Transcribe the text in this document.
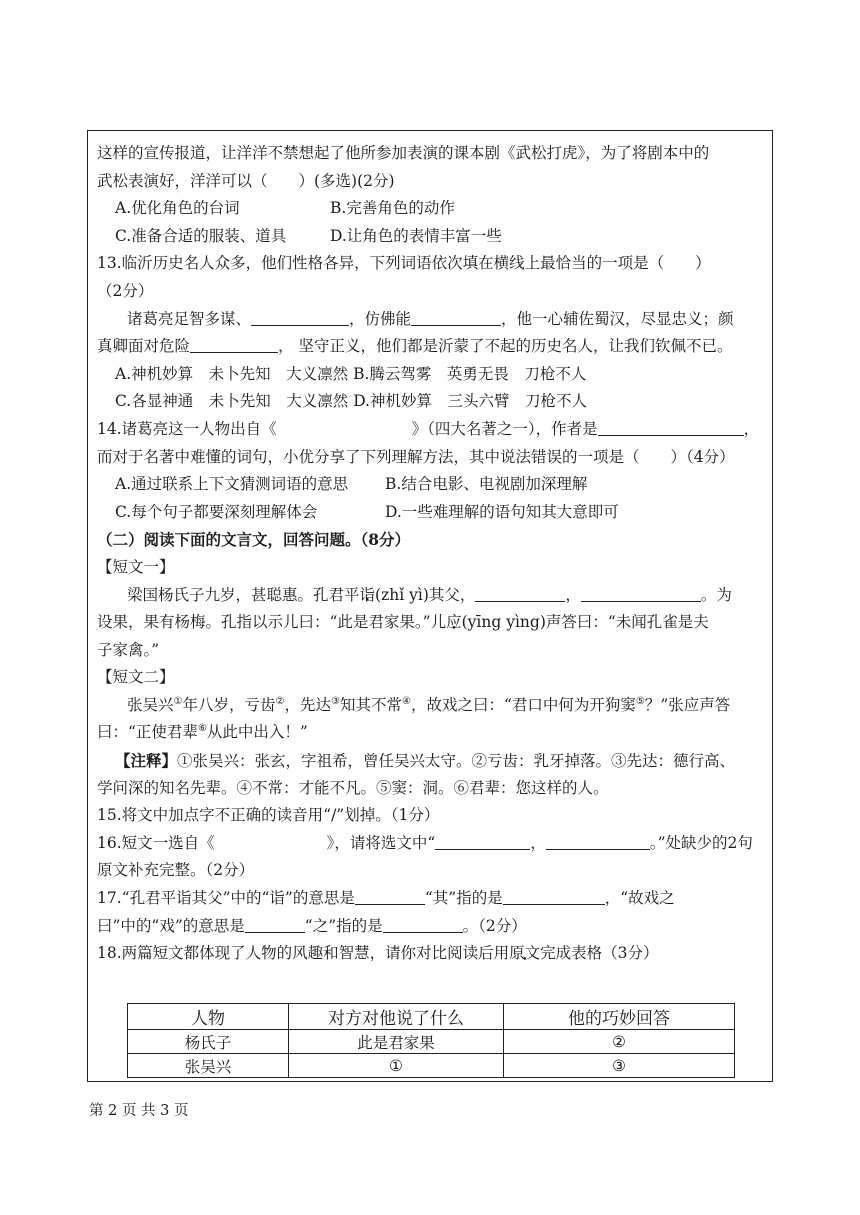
这样的宣传报道，让洋洋不禁想起了他所参加表演的课本剧《武松打虎》，为了将剧本中的
武松表演好，洋洋可以（　　）(多选)(2分)
A.优化角色的台词	B.完善角色的动作
C.准备合适的服装、道具	D.让角色的表情丰富一些
13.临沂历史名人众多，他们性格各异，下列词语依次填在横线上最恰当的一项是（　　）
（2分）
诸葛亮足智多谋、	，仿佛能	，他一心辅佐蜀汉，尽显忠义；颜
真卿面对危险	， 坚守正义，他们都是沂蒙了不起的历史名人，让我们钦佩不已。
A.神机妙算　未卜先知　大义凛然 B.腾云驾雾　英勇无畏　刀枪不人
C.各显神通　未卜先知　大义凛然 D.神机妙算　三头六臂　刀枪不人
14.诸葛亮这一人物出自《	》（四大名著之一），作者是	，
而对于名著中难懂的词句，小优分享了下列理解方法，其中说法错误的一项是（　　）（4分）
A.通过联系上下文猜测词语的意思 B.结合电影、电视剧加深理解
C.每个句子都要深刻理解体会	D.一些难理解的语句知其大意即可
（二）阅读下面的文言文，回答问题。（8分）
【短文一】
梁国杨氏子九岁，甚聪惠。孔君平诣(zhǐ yì)其父，	，	。为
设果，果有杨梅。孔指以示儿曰：“此是君家果。”儿应(yīng yìng)声答曰：“未闻孔雀是夫
子家禽。”
【短文二】
张吴兴①年八岁，亏齿②，先达③知其不常④，故戏之曰：“君口中何为开狗窦⑤？”张应声答
曰：“正使君辈⑥从此中出入！”
【注释】①张吴兴：张玄，字祖希，曾任吴兴太守。②亏齿：乳牙掉落。③先达：德行高、
学问深的知名先辈。④不常：才能不凡。⑤窦：洞。⑥君辈：您这样的人。
15.将文中加点字不正确的读音用“/”划掉。（1分）
16.短文一选自《	》，请将选文中“	，	。”处缺少的2句
原文补充完整。（2分）
17.“孔君平诣其父”中的“诣”的意思是	“其”指的是	，“故戏之
曰”中的“戏”的意思是	“之”指的是	。（2分）
18.两篇短文都体现了人物的风趣和智慧，请你对比阅读后用原文完成表格（3分）
人物	对方对他说了什么	他的巧妙回答
杨氏子	此是君家果	②
张吴兴	①	③
第 2 页 共 3 页
